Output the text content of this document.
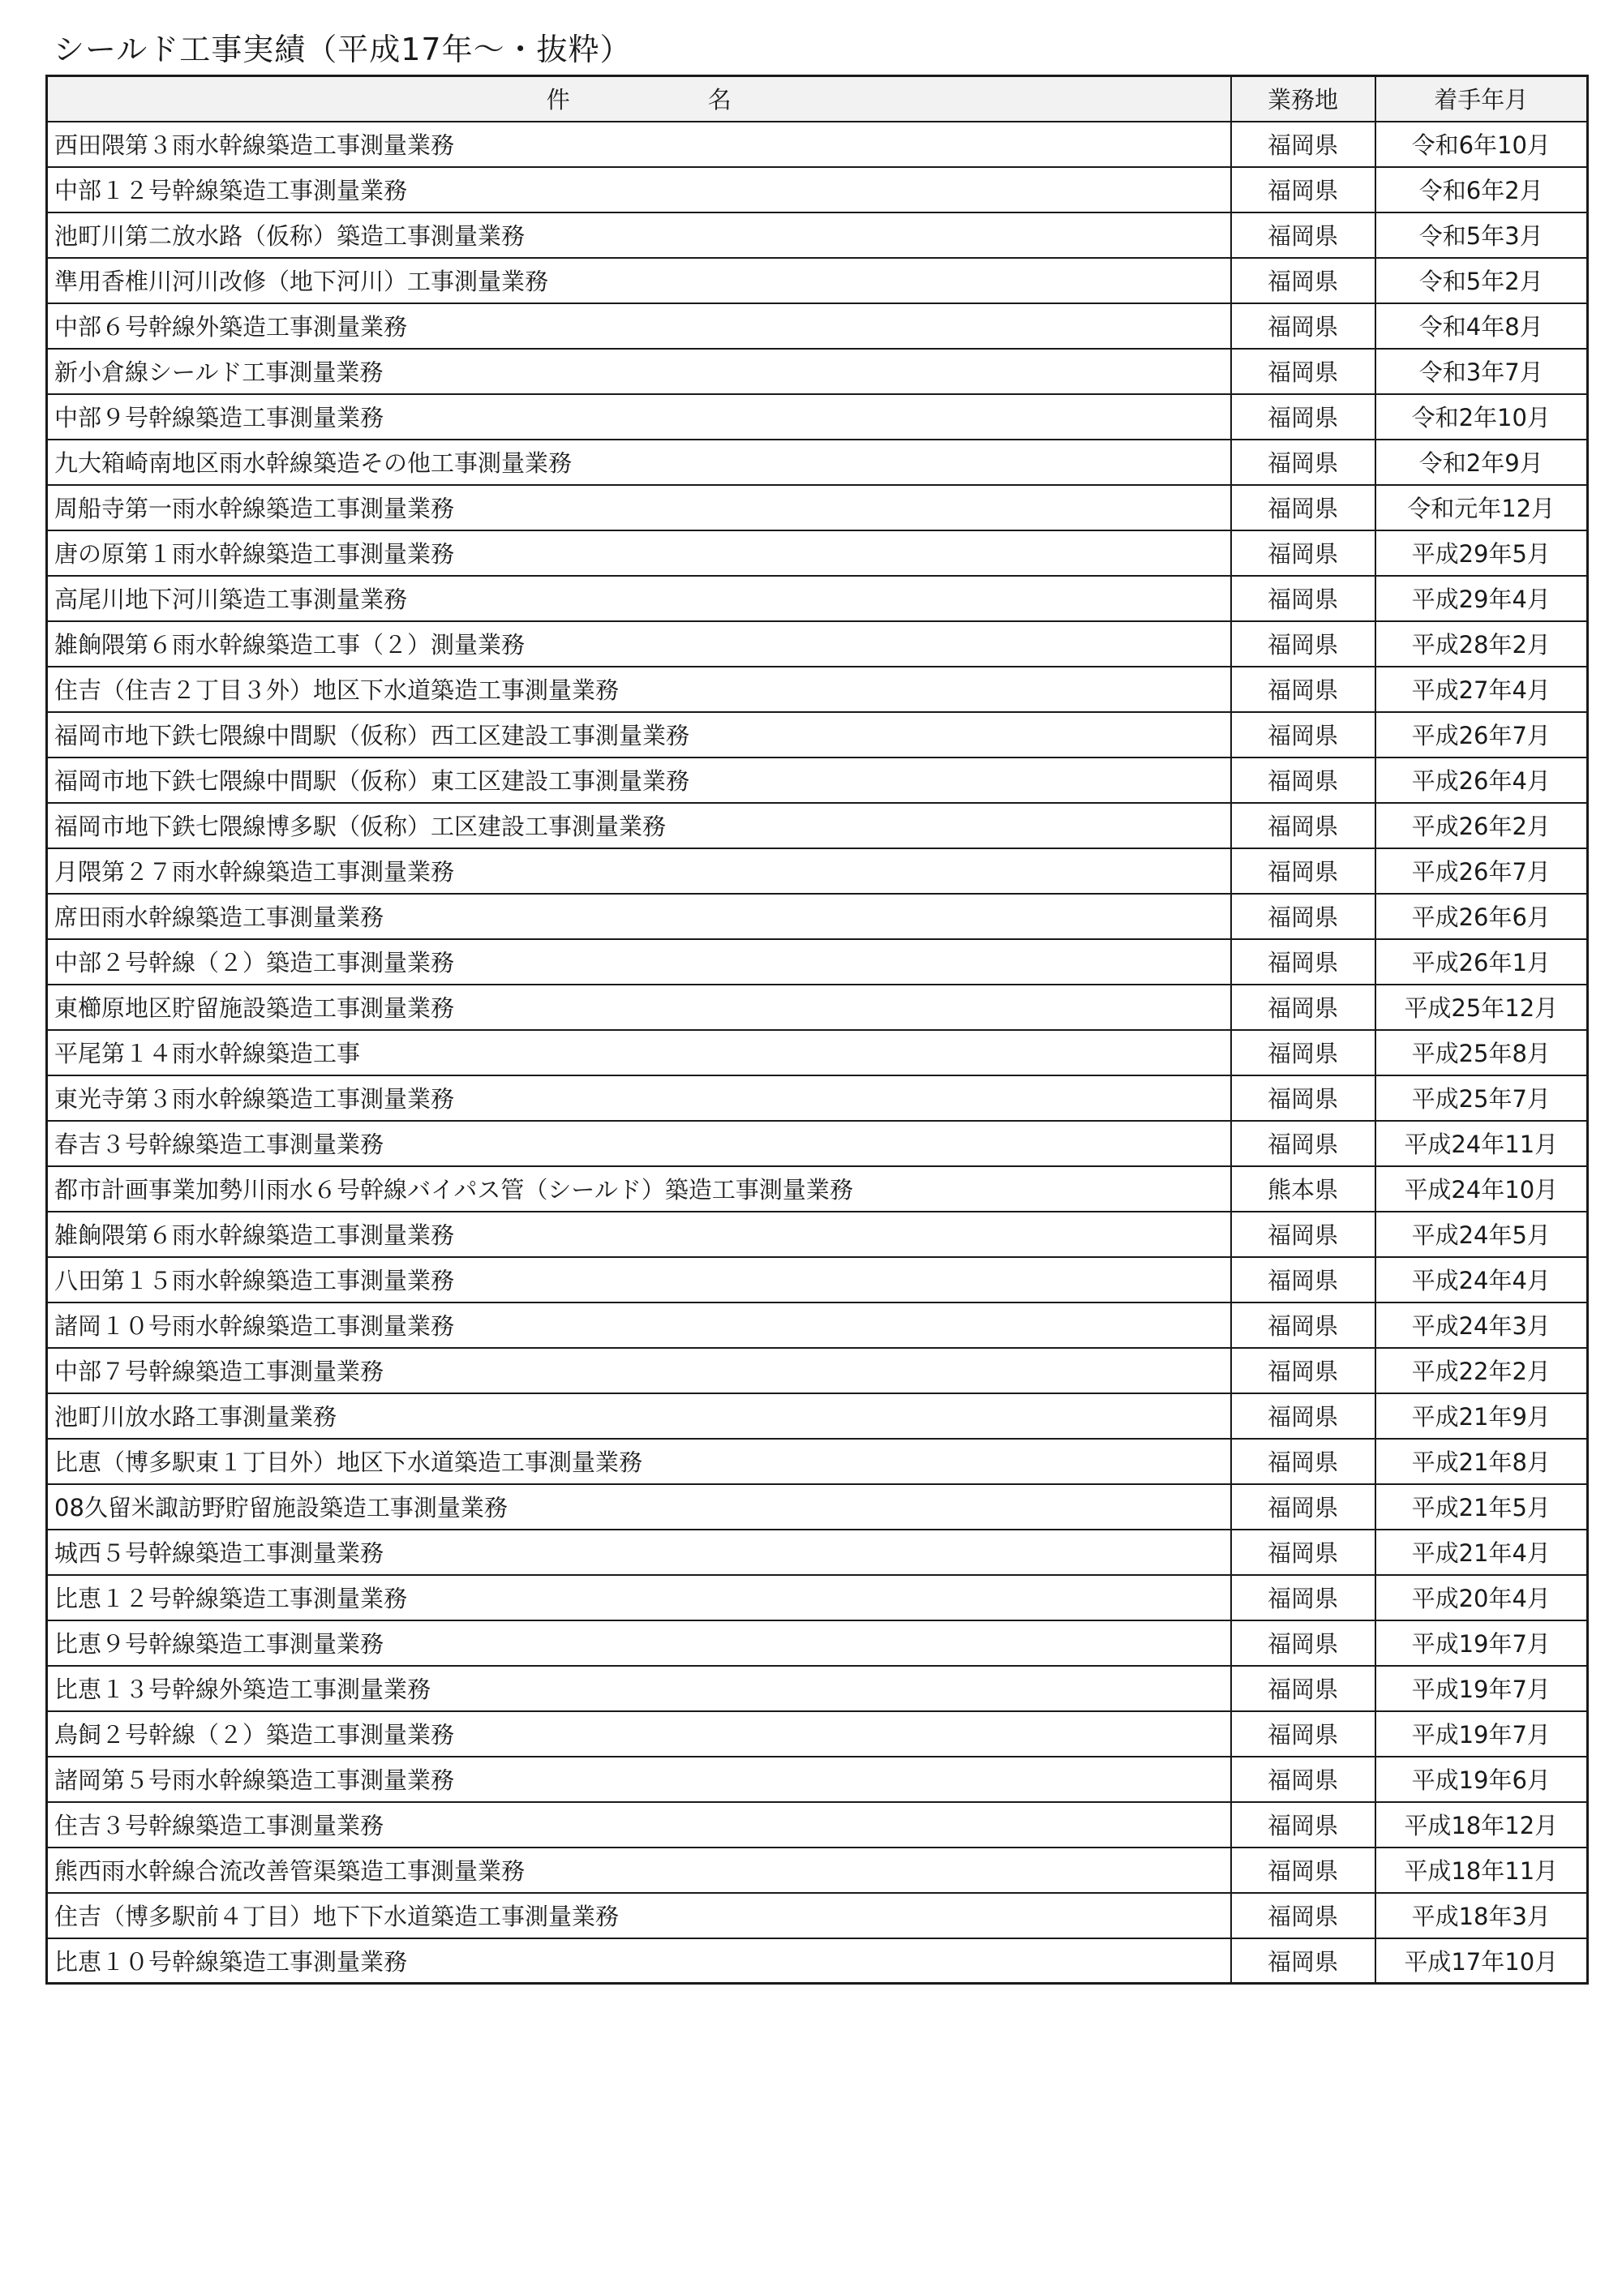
シールド工事実績（平成17年～・抜粋）
件 名	業務地	着手年月
西田隈第３雨水幹線築造工事測量業務	福岡県	令和6年10月
中部１２号幹線築造工事測量業務	福岡県	令和6年2月
池町川第二放水路（仮称）築造工事測量業務	福岡県	令和5年3月
準用香椎川河川改修（地下河川）工事測量業務	福岡県	令和5年2月
中部６号幹線外築造工事測量業務	福岡県	令和4年8月
新小倉線シールド工事測量業務	福岡県	令和3年7月
中部９号幹線築造工事測量業務	福岡県	令和2年10月
九大箱崎南地区雨水幹線築造その他工事測量業務	福岡県	令和2年9月
周船寺第一雨水幹線築造工事測量業務	福岡県	令和元年12月
唐の原第１雨水幹線築造工事測量業務	福岡県	平成29年5月
高尾川地下河川築造工事測量業務	福岡県	平成29年4月
雑餉隈第６雨水幹線築造工事（２）測量業務	福岡県	平成28年2月
住吉（住吉２丁目３外）地区下水道築造工事測量業務	福岡県	平成27年4月
福岡市地下鉄七隈線中間駅（仮称）西工区建設工事測量業務	福岡県	平成26年7月
福岡市地下鉄七隈線中間駅（仮称）東工区建設工事測量業務	福岡県	平成26年4月
福岡市地下鉄七隈線博多駅（仮称）工区建設工事測量業務	福岡県	平成26年2月
月隈第２７雨水幹線築造工事測量業務	福岡県	平成26年7月
席田雨水幹線築造工事測量業務	福岡県	平成26年6月
中部２号幹線（２）築造工事測量業務	福岡県	平成26年1月
東櫛原地区貯留施設築造工事測量業務	福岡県	平成25年12月
平尾第１４雨水幹線築造工事	福岡県	平成25年8月
東光寺第３雨水幹線築造工事測量業務	福岡県	平成25年7月
春吉３号幹線築造工事測量業務	福岡県	平成24年11月
都市計画事業加勢川雨水６号幹線バイパス管（シールド）築造工事測量業務	熊本県	平成24年10月
雑餉隈第６雨水幹線築造工事測量業務	福岡県	平成24年5月
八田第１５雨水幹線築造工事測量業務	福岡県	平成24年4月
諸岡１０号雨水幹線築造工事測量業務	福岡県	平成24年3月
中部７号幹線築造工事測量業務	福岡県	平成22年2月
池町川放水路工事測量業務	福岡県	平成21年9月
比恵（博多駅東１丁目外）地区下水道築造工事測量業務	福岡県	平成21年8月
08久留米諏訪野貯留施設築造工事測量業務	福岡県	平成21年5月
城西５号幹線築造工事測量業務	福岡県	平成21年4月
比恵１２号幹線築造工事測量業務	福岡県	平成20年4月
比恵９号幹線築造工事測量業務	福岡県	平成19年7月
比恵１３号幹線外築造工事測量業務	福岡県	平成19年7月
鳥飼２号幹線（２）築造工事測量業務	福岡県	平成19年7月
諸岡第５号雨水幹線築造工事測量業務	福岡県	平成19年6月
住吉３号幹線築造工事測量業務	福岡県	平成18年12月
熊西雨水幹線合流改善管渠築造工事測量業務	福岡県	平成18年11月
住吉（博多駅前４丁目）地下下水道築造工事測量業務	福岡県	平成18年3月
比恵１０号幹線築造工事測量業務	福岡県	平成17年10月
